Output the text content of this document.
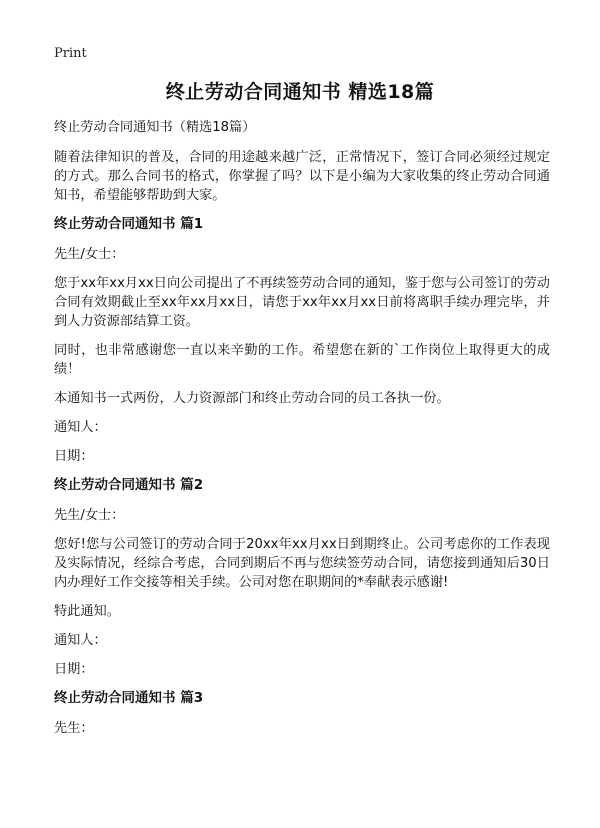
Print
终止劳动合同通知书 精选18篇
终止劳动合同通知书（精选18篇）

随着法律知识的普及，合同的用途越来越广泛，正常情况下，签订合同必须经过规定的方式。那么合同书的格式，你掌握了吗？以下是小编为大家收集的终止劳动合同通知书，希望能够帮助到大家。

终止劳动合同通知书 篇1

先生/女士：

您于xx年xx月xx日向公司提出了不再续签劳动合同的通知，鉴于您与公司签订的劳动合同有效期截止至xx年xx月xx日，请您于xx年xx月xx日前将离职手续办理完毕，并到人力资源部结算工资。

同时，也非常感谢您一直以来辛勤的工作。希望您在新的`工作岗位上取得更大的成绩！

本通知书一式两份，人力资源部门和终止劳动合同的员工各执一份。

通知人：

日期：

终止劳动合同通知书 篇2

先生/女士：

您好!您与公司签订的劳动合同于20xx年xx月xx日到期终止。公司考虑你的工作表现及实际情况，经综合考虑，合同到期后不再与您续签劳动合同，请您接到通知后30日内办理好工作交接等相关手续。公司对您在职期间的*奉献表示感谢!

特此通知。

通知人：

日期：

终止劳动合同通知书 篇3

先生：
